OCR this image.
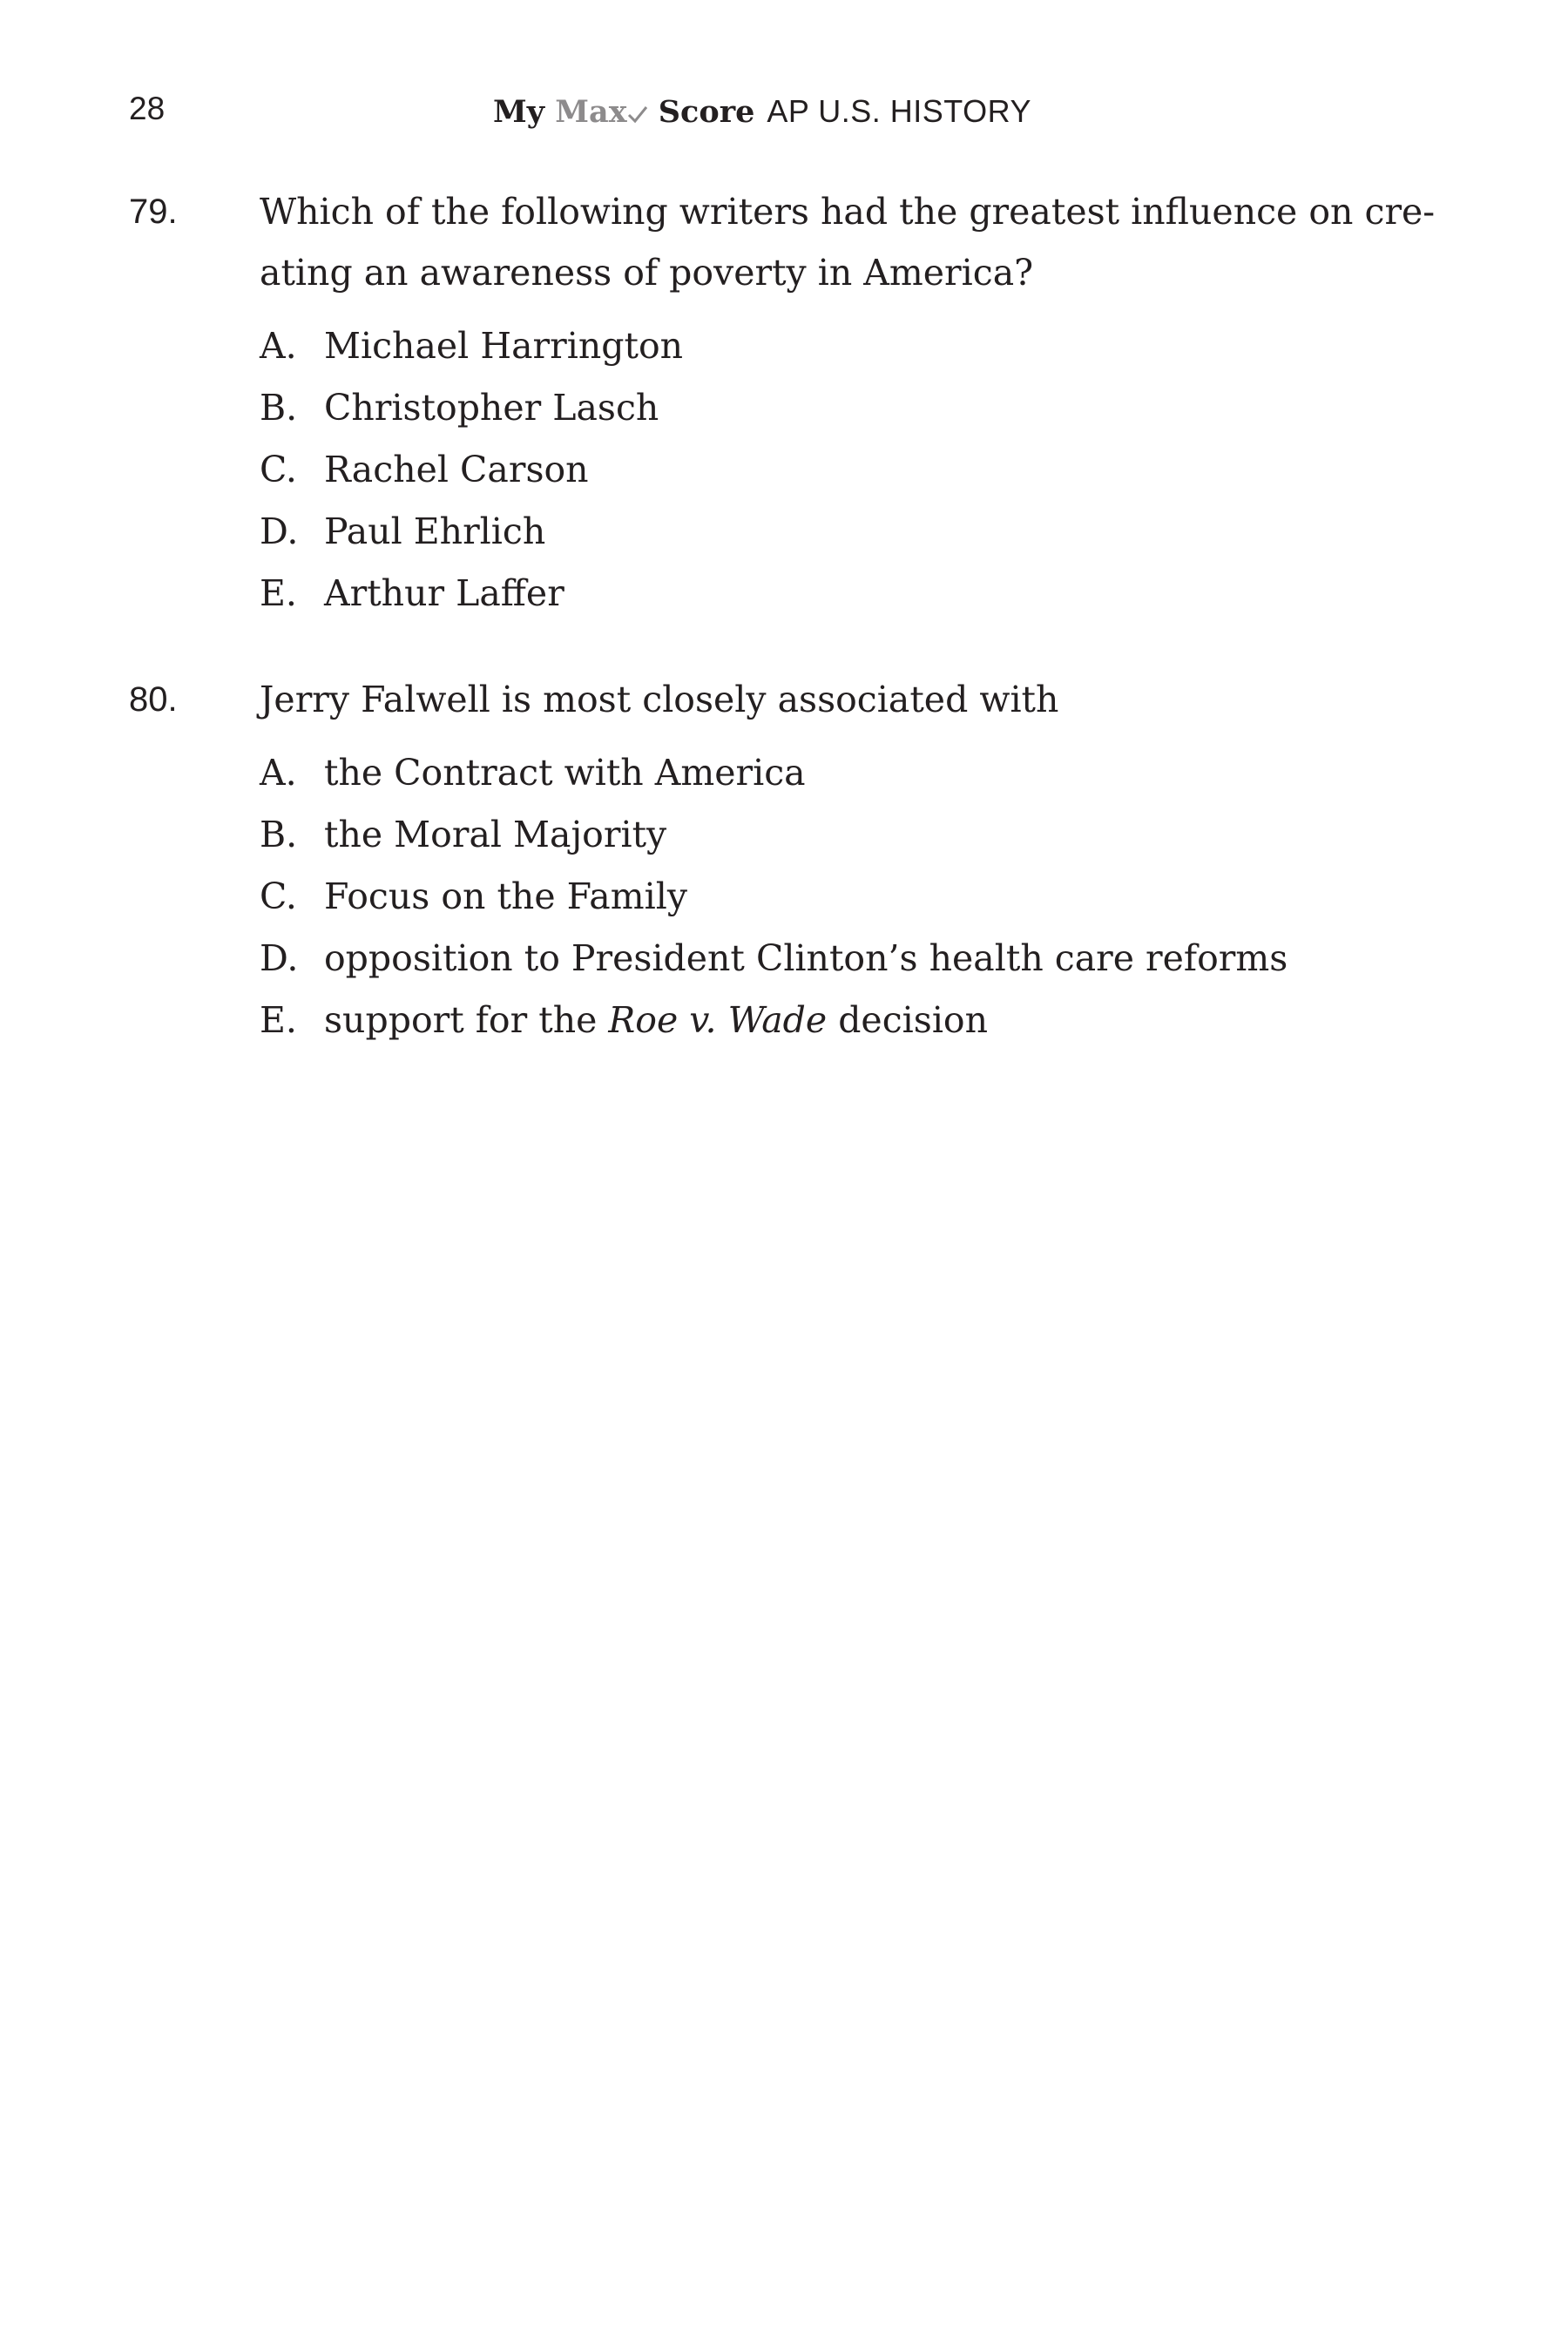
28	My Max Score AP U.S. HISTORY
79. Which of the following writers had the greatest influence on cre-
ating an awareness of poverty in America?
A. Michael Harrington
B. Christopher Lasch
C. Rachel Carson
D. Paul Ehrlich
E. Arthur Laffer
80. Jerry Falwell is most closely associated with
A. the Contract with America
B. the Moral Majority
C. Focus on the Family
D. opposition to President Clinton’s health care reforms
E. support for the Roe v. Wade decision
